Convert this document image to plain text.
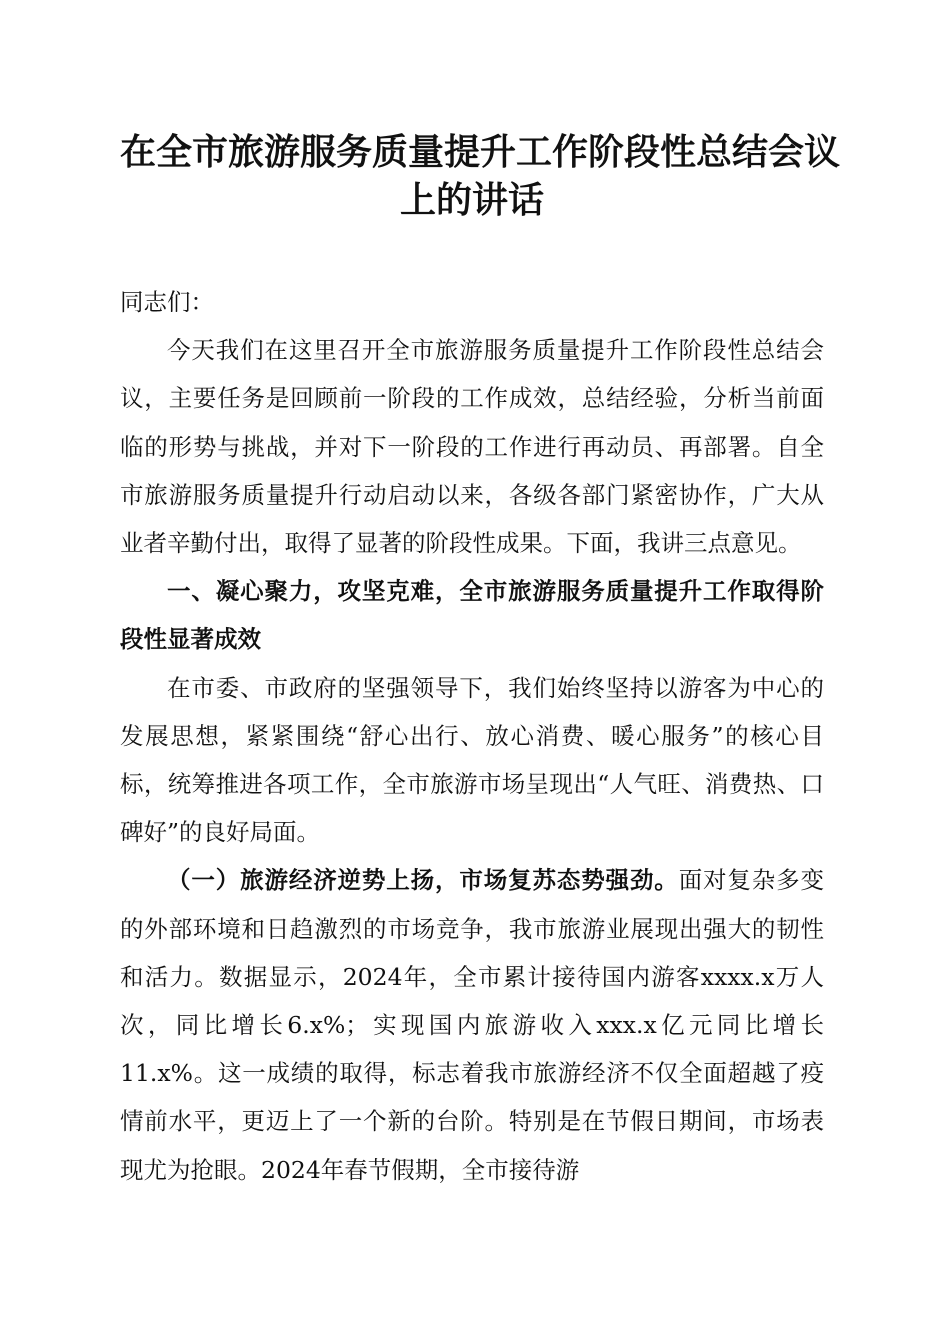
在全市旅游服务质量提升工作阶段性总结会议
上的讲话

同志们：

今天我们在这里召开全市旅游服务质量提升工作阶段性总结会议，主要任务是回顾前一阶段的工作成效，总结经验，分析当前面临的形势与挑战，并对下一阶段的工作进行再动员、再部署。自全市旅游服务质量提升行动启动以来，各级各部门紧密协作，广大从业者辛勤付出，取得了显著的阶段性成果。下面，我讲三点意见。

一、凝心聚力，攻坚克难，全市旅游服务质量提升工作取得阶段性显著成效

在市委、市政府的坚强领导下，我们始终坚持以游客为中心的发展思想，紧紧围绕“舒心出行、放心消费、暖心服务”的核心目标，统筹推进各项工作，全市旅游市场呈现出“人气旺、消费热、口碑好”的良好局面。

（一）旅游经济逆势上扬，市场复苏态势强劲。面对复杂多变的外部环境和日趋激烈的市场竞争，我市旅游业展现出强大的韧性和活力。数据显示，2024年，全市累计接待国内游客xxxx.x万人次，同比增长6.x%；实现国内旅游收入xxx.x亿元同比增长11.x%。这一成绩的取得，标志着我市旅游经济不仅全面超越了疫情前水平，更迈上了一个新的台阶。特别是在节假日期间，市场表现尤为抢眼。2024年春节假期，全市接待游
